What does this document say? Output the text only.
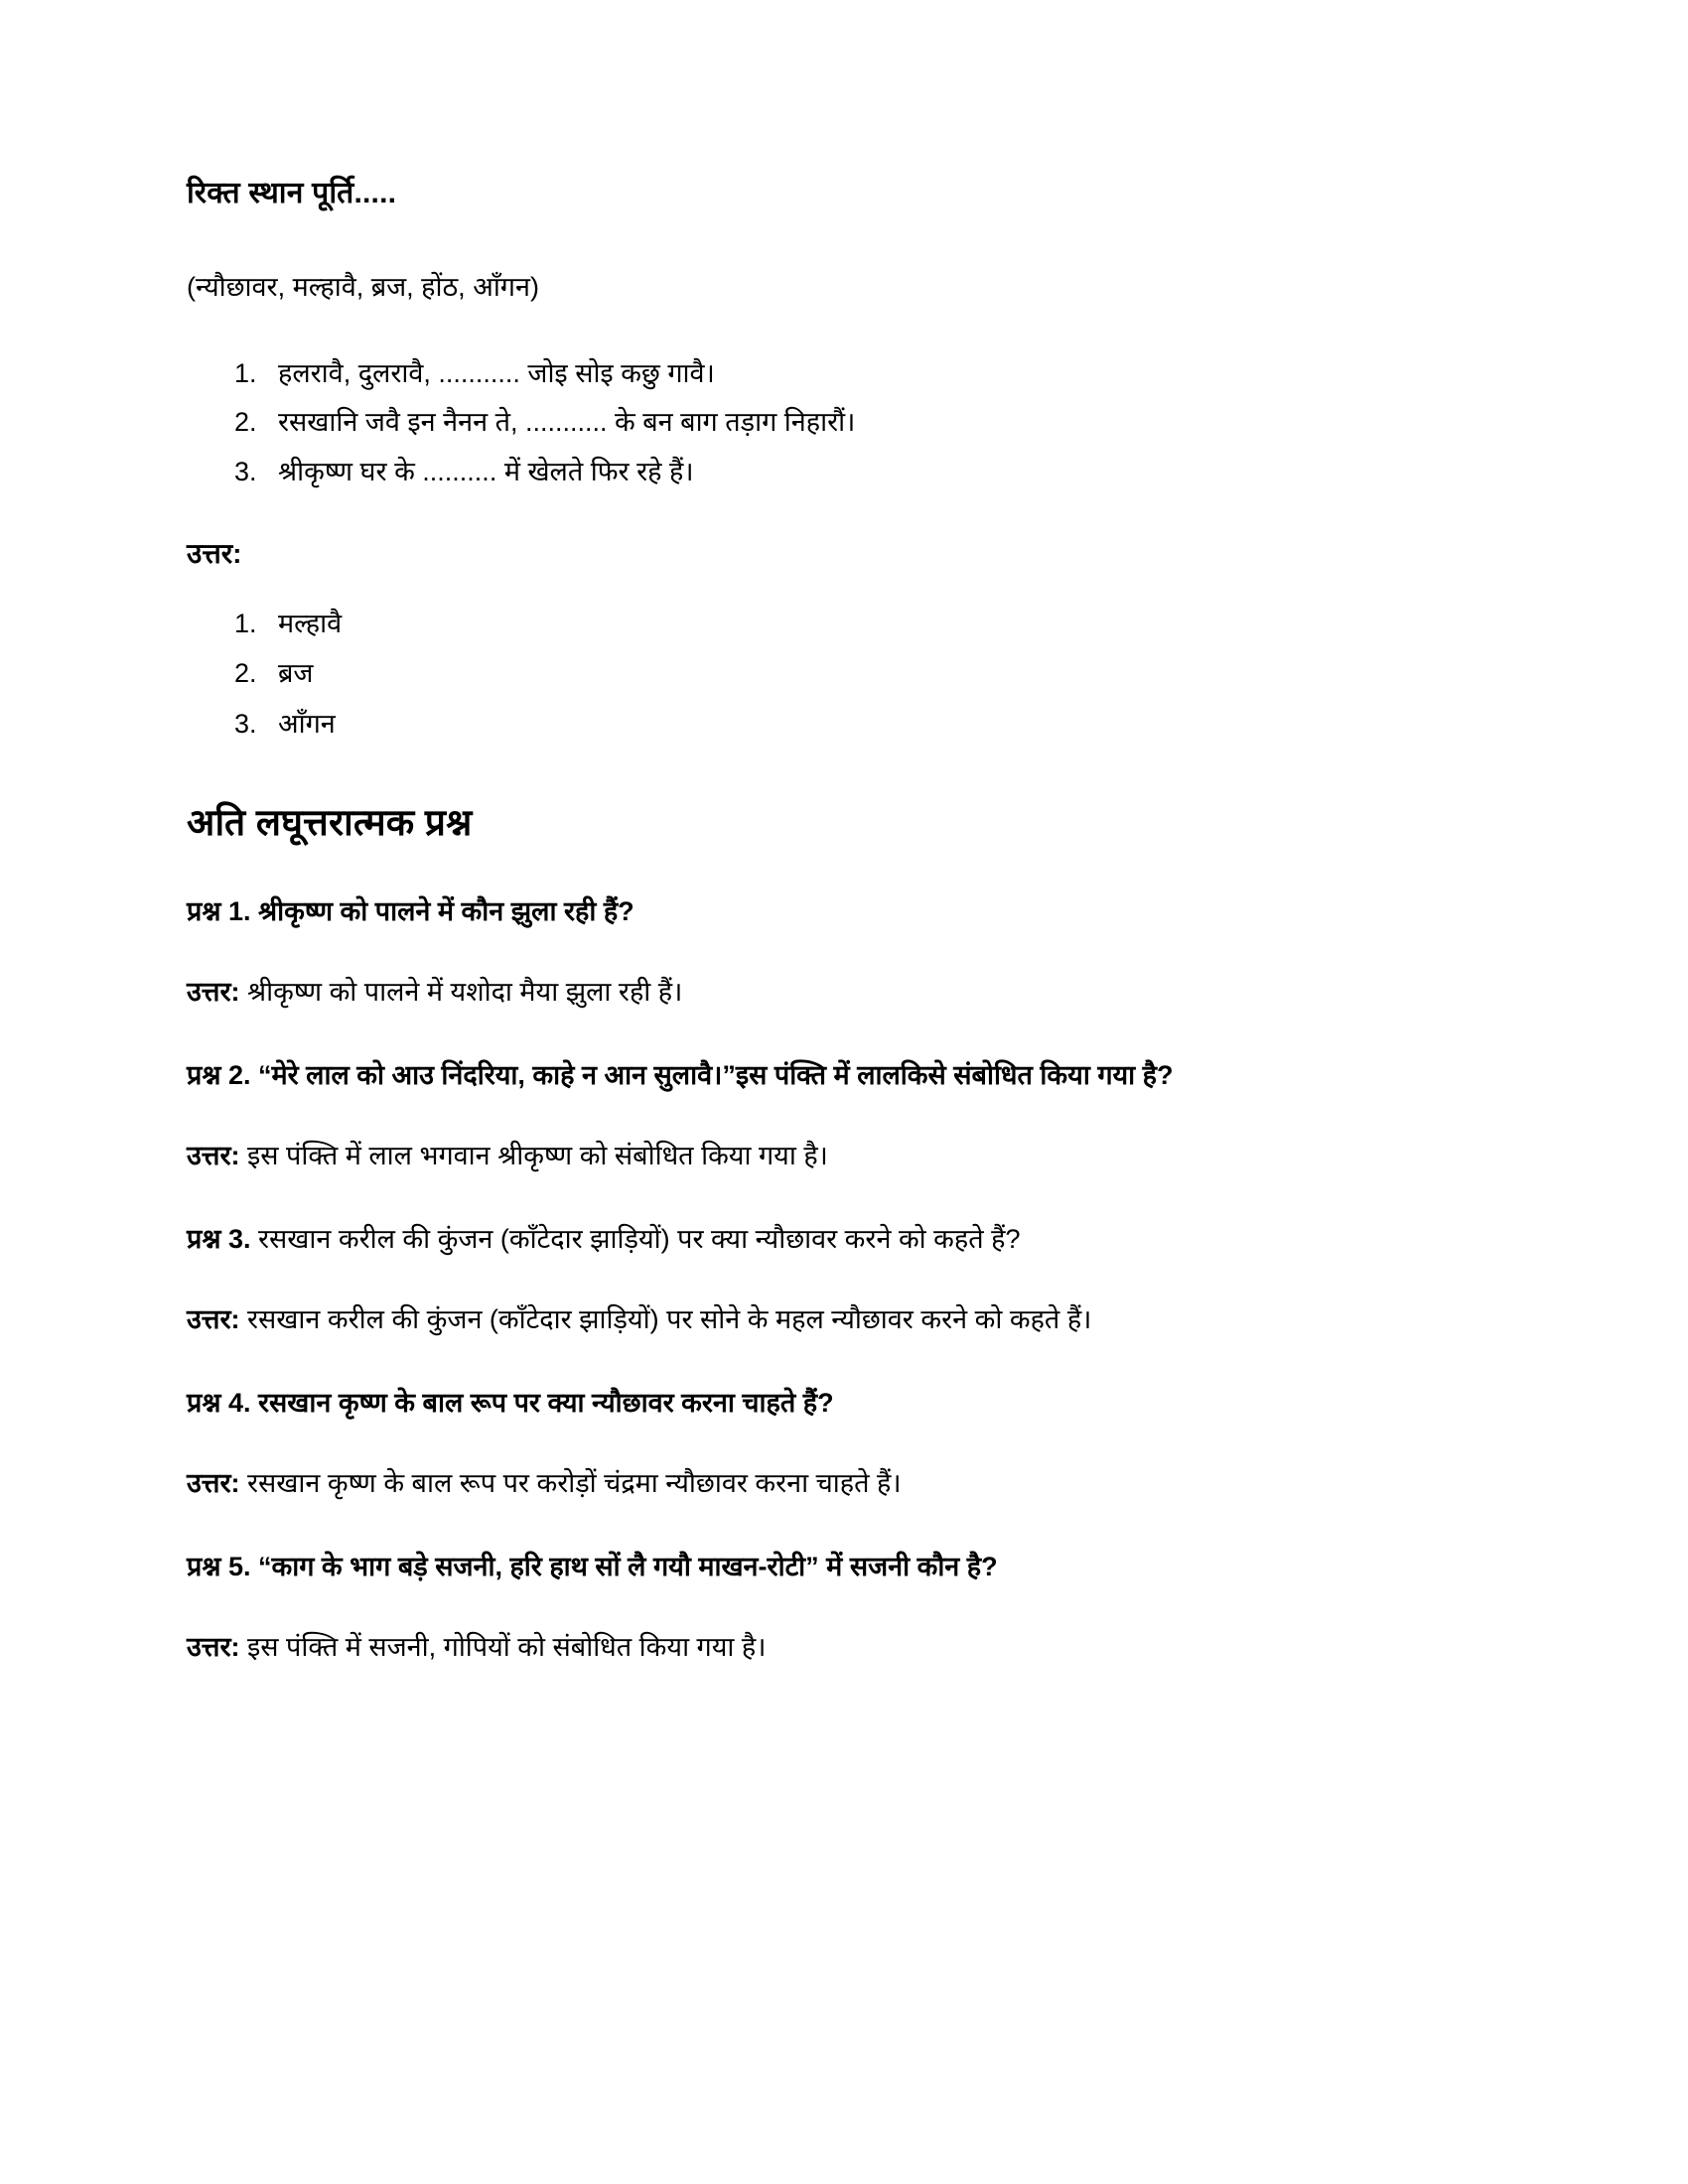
रिक्त स्थान पूर्ति.....

(न्यौछावर, मल्हावै, ब्रज, होंठ, आँगन)

1. हलरावै, दुलरावै, ........... जोइ सोइ कछु गावै।
2. रसखानि जवै इन नैनन ते, ........... के बन बाग तड़ाग निहारौं।
3. श्रीकृष्ण घर के .......... में खेलते फिर रहे हैं।

उत्तर:

1. मल्हावै
2. ब्रज
3. आँगन
अति लघूत्तरात्मक प्रश्न

प्रश्न 1. श्रीकृष्ण को पालने में कौन झुला रही हैं?

उत्तर: श्रीकृष्ण को पालने में यशोदा मैया झुला रही हैं।

प्रश्न 2. “मेरे लाल को आउ निंदरिया, काहे न आन सुलावै।”इस पंक्ति में लालकिसे संबोधित किया गया है?

उत्तर: इस पंक्ति में लाल भगवान श्रीकृष्ण को संबोधित किया गया है।

प्रश्न 3. रसखान करील की कुंजन (काँटेदार झाड़ियों) पर क्या न्यौछावर करने को कहते हैं?

उत्तर: रसखान करील की कुंजन (काँटेदार झाड़ियों) पर सोने के महल न्यौछावर करने को कहते हैं।

प्रश्न 4. रसखान कृष्ण के बाल रूप पर क्या न्यौछावर करना चाहते हैं?

उत्तर: रसखान कृष्ण के बाल रूप पर करोड़ों चंद्रमा न्यौछावर करना चाहते हैं।

प्रश्न 5. “काग के भाग बड़े सजनी, हरि हाथ सों लै गयौ माखन-रोटी” में सजनी कौन है?

उत्तर: इस पंक्ति में सजनी, गोपियों को संबोधित किया गया है।
